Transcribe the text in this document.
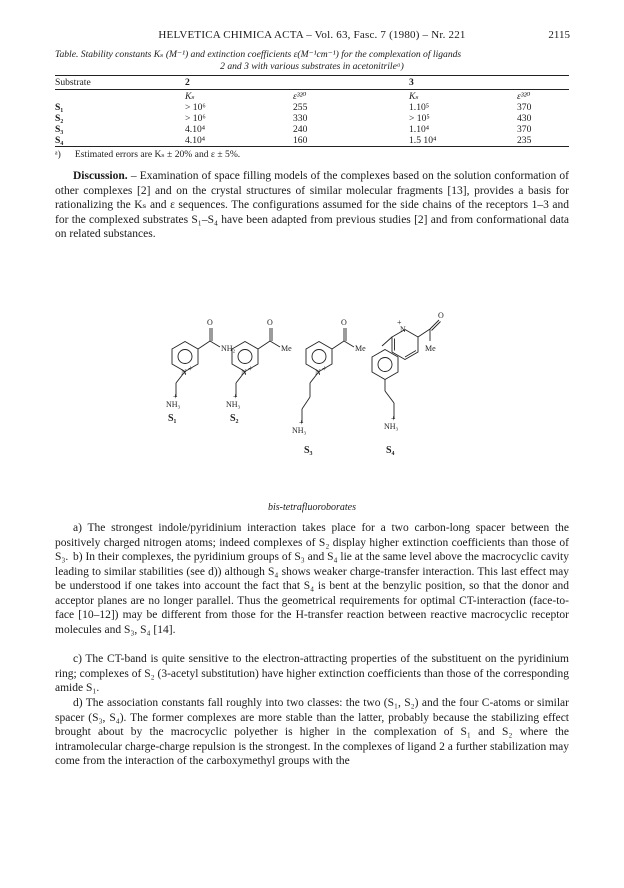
HELVETICA CHIMICA ACTA – Vol. 63, Fasc. 7 (1980) – Nr. 221	2115
Table. Stability constants Kₛ (M⁻¹) and extinction coefficients ε(M⁻¹cm⁻¹) for the complexation of ligands
2 and 3 with various substrates in acetonitrileᵃ)
Substrate	2		3	
	Kₛ	ε³²⁰	Kₛ	ε³²⁰
S₁	> 10⁶	255	1.10⁵	370
S₂	> 10⁶	330	> 10⁵	430
S₃	4.10⁴	240	1.10⁴	370
S₄	4.10⁴	160	1.5 10⁴	235
ᵃ) Estimated errors are Kₛ ± 20% and ε ± 5%.

Discussion. – Examination of space filling models of the complexes based on the solution conformation of other complexes [2] and on the crystal structures of similar molecular fragments [13], provides a basis for rationalizing the Kₛ and ε sequences. The configurations assumed for the side chains of the receptors 1–3 and for the complexed substrates S₁–S₄ have been adapted from previous studies [2] and from conformational data on related substances.

O
NH₂
N +
NH₃
+
O
Me
N +
NH₃
+
O
Me
N +
NH₃
+
O
Me
N
+
NH₃
+
S₁	S₂
S₃	S₄
bis-tetrafluoroborates

a) The strongest indole/pyridinium interaction takes place for a two carbon-long spacer between the positively charged nitrogen atoms; indeed complexes of S₂ display higher extinction coefficients than those of S₃. b) In their complexes, the pyridinium groups of S₃ and S₄ lie at the same level above the macrocyclic cavity leading to similar stabilities (see d)) although S₄ shows weaker charge-transfer interaction. This last effect may be understood if one takes into account the fact that S₄ is bent at the benzylic position, so that the donor and acceptor planes are no longer parallel. Thus the geometrical requirements for optimal CT-interaction (face-to-face [10–12]) may be different from those for the H-transfer reaction between reactive macrocyclic receptor molecules and S₃, S₄ [14].

c) The CT-band is quite sensitive to the electron-attracting properties of the substituent on the pyridinium ring; complexes of S₂ (3-acetyl substitution) have higher extinction coefficients than those of the corresponding amide S₁.

d) The association constants fall roughly into two classes: the two (S₁, S₂) and the four C-atoms or similar spacer (S₃, S₄). The former complexes are more stable than the latter, probably because the stabilizing effect brought about by the macrocyclic polyether is higher in the complexation of S₁ and S₂ where the intramolecular charge-charge repulsion is the strongest. In the complexes of ligand 2 a further stabilization may come from the interaction of the carboxymethyl groups with the
